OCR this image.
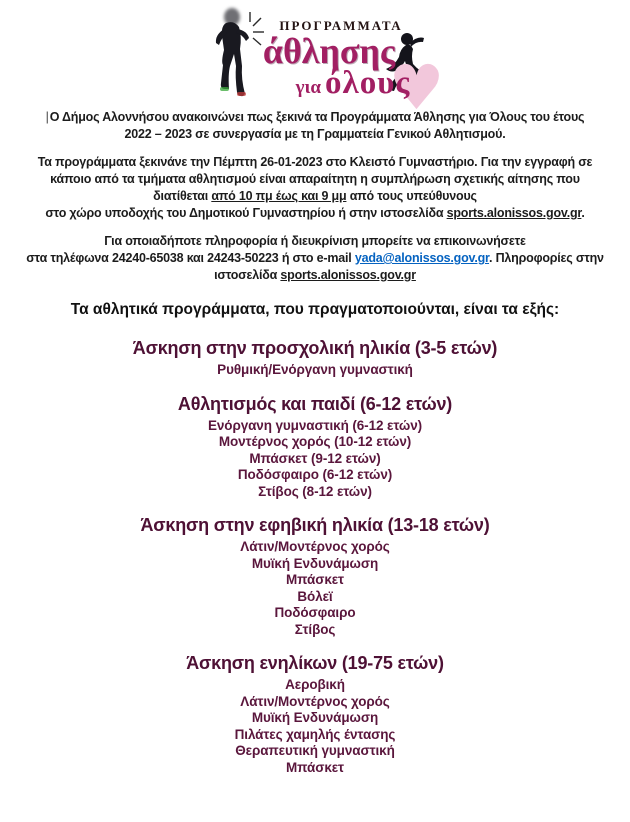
ΠΡΟΓΡΑΜΜΑΤΑ
άθλησης
♥
για όλους
|Ο Δήμος Αλοννήσου ανακοινώνει πως ξεκινά τα Προγράμματα Άθλησης για Όλους του έτους
2022 – 2023 σε συνεργασία με τη Γραμματεία Γενικού Αθλητισμού.
Τα προγράμματα ξεκινάνε την Πέμπτη 26-01-2023 στο Κλειστό Γυμναστήριο. Για την εγγραφή σε
κάποιο από τα τμήματα αθλητισμού είναι απαραίτητη η συμπλήρωση σχετικής αίτησης που
διατίθεται από 10 πμ έως και 9 μμ από τους υπεύθυνους
στο χώρο υποδοχής του Δημοτικού Γυμναστηρίου ή στην ιστοσελίδα sports.alonissos.gov.gr.
Για οποιαδήποτε πληροφορία ή διευκρίνιση μπορείτε να επικοινωνήσετε
στα τηλέφωνα 24240-65038 και 24243-50223 ή στο e-mail yada@alonissos.gov.gr. Πληροφορίες στην
ιστοσελίδα sports.alonissos.gov.gr
Τα αθλητικά προγράμματα, που πραγματοποιούνται, είναι τα εξής:
Άσκηση στην προσχολική ηλικία (3-5 ετών)
Ρυθμική/Ενόργανη γυμναστική
Αθλητισμός και παιδί (6-12 ετών)
Ενόργανη γυμναστική (6-12 ετών)
Μοντέρνος χορός (10-12 ετών)
Μπάσκετ (9-12 ετών)
Ποδόσφαιρο (6-12 ετών)
Στίβος (8-12 ετών)
Άσκηση στην εφηβική ηλικία (13-18 ετών)
Λάτιν/Μοντέρνος χορός
Μυϊκή Ενδυνάμωση
Μπάσκετ
Βόλεϊ
Ποδόσφαιρο
Στίβος
Άσκηση ενηλίκων (19-75 ετών)
Αεροβική
Λάτιν/Μοντέρνος χορός
Μυϊκή Ενδυνάμωση
Πιλάτες χαμηλής έντασης
Θεραπευτική γυμναστική
Μπάσκετ
